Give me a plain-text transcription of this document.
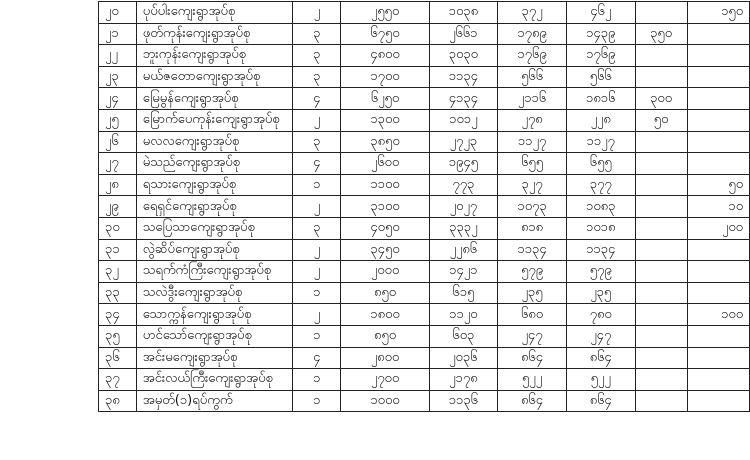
၂၀	ပုပ်ပါးကျေးရွာအုပ်စု	၂	၂၅၅၀	၁၀၃၈	၃၇၂	၄၆၂		၁၅၀
၂၁	ဖုတ်ကုန်းကျေးရွာအုပ်စု	၃	၆၇၅၀	၂၆၆၁	၁၇၈၉	၁၄၃၉	၃၅၀	
၂၂	ဘူးကုန်းကျေးရွာအုပ်စု	၃	၄၈၀၀	၃၀၃၀	၁၇၆၉	၁၇၆၉		
၂၃	မယ်ဇတောကျေးရွာအုပ်စု	၃	၁၇၀၀	၁၁၃၄	၅၆၆	၅၆၆		
၂၄	မြေမွန်ကျေးရွာအုပ်စု	၄	၆၂၅၀	၄၁၃၄	၂၁၁၆	၁၈၁၆	၃၀၀	
၂၅	မြောက်ပေကုန်းကျေးရွာအုပ်စု	၂	၁၃၀၀	၁၀၁၂	၂၇၈	၂၂၈	၅၀	
၂၆	မလလကျေးရွာအုပ်စု	၃	၃၈၅၀	၂၇၂၃	၁၁၂၇	၁၁၂၇		
၂၇	မဲသည်ကျေးရွာအုပ်စု	၄	၂၆၀၀	၁၉၄၅	၆၅၅	၆၅၅		
၂၈	ရသားကျေးရွာအုပ်စု	၁	၁၁၀၀	၇၇၃	၃၂၇	၃၇၇		၅၀
၂၉	ရေရှင်ကျေးရွာအုပ်စု	၂	၃၁၀၀	၂၀၂၇	၁၀၇၃	၁၀၈၃		၁၀
၃၀	သပြေသာကျေးရွာအုပ်စု	၃	၄၀၅၀	၃၃၃၂	၈၁၈	၁၀၁၈		၂၀၀
၃၁	လွဲဆိပ်ကျေးရွာအုပ်စု	၂	၃၄၅၀	၂၂၈၆	၁၁၃၄	၁၁၃၄		
၃၂	သရက်ကံကြီးကျေးရွာအုပ်စု	၂	၂၀၀၀	၁၄၂၁	၅၇၉	၅၇၉		
၃၃	သလဲဒွီးကျေးရွာအုပ်စု	၁	၈၅၀	၆၁၅	၂၃၅	၂၃၅		
၃၄	သောက္ကန်ကျေးရွာအုပ်စု	၂	၁၈၀၀	၁၁၂၀	၆၈၀	၇၈၀		၁၀၀
၃၅	ဟင်သော်ကျေးရွာအုပ်စု	၁	၈၅၀	၆၀၃	၂၄၇	၂၄၇		
၃၆	အင်းမကျေးရွာအုပ်စု	၄	၂၈၀၀	၂၀၃၆	၈၆၄	၈၆၄		
၃၇	အင်းလယ်ကြီးကျေးရွာအုပ်စု	၁	၂၇၀၀	၂၁၇၈	၅၂၂	၅၂၂		
၃၈	အမှတ်(၁)ရပ်ကွက်	၁	၁၀၀၀	၁၁၃၆	၈၆၄	၈၆၄		
